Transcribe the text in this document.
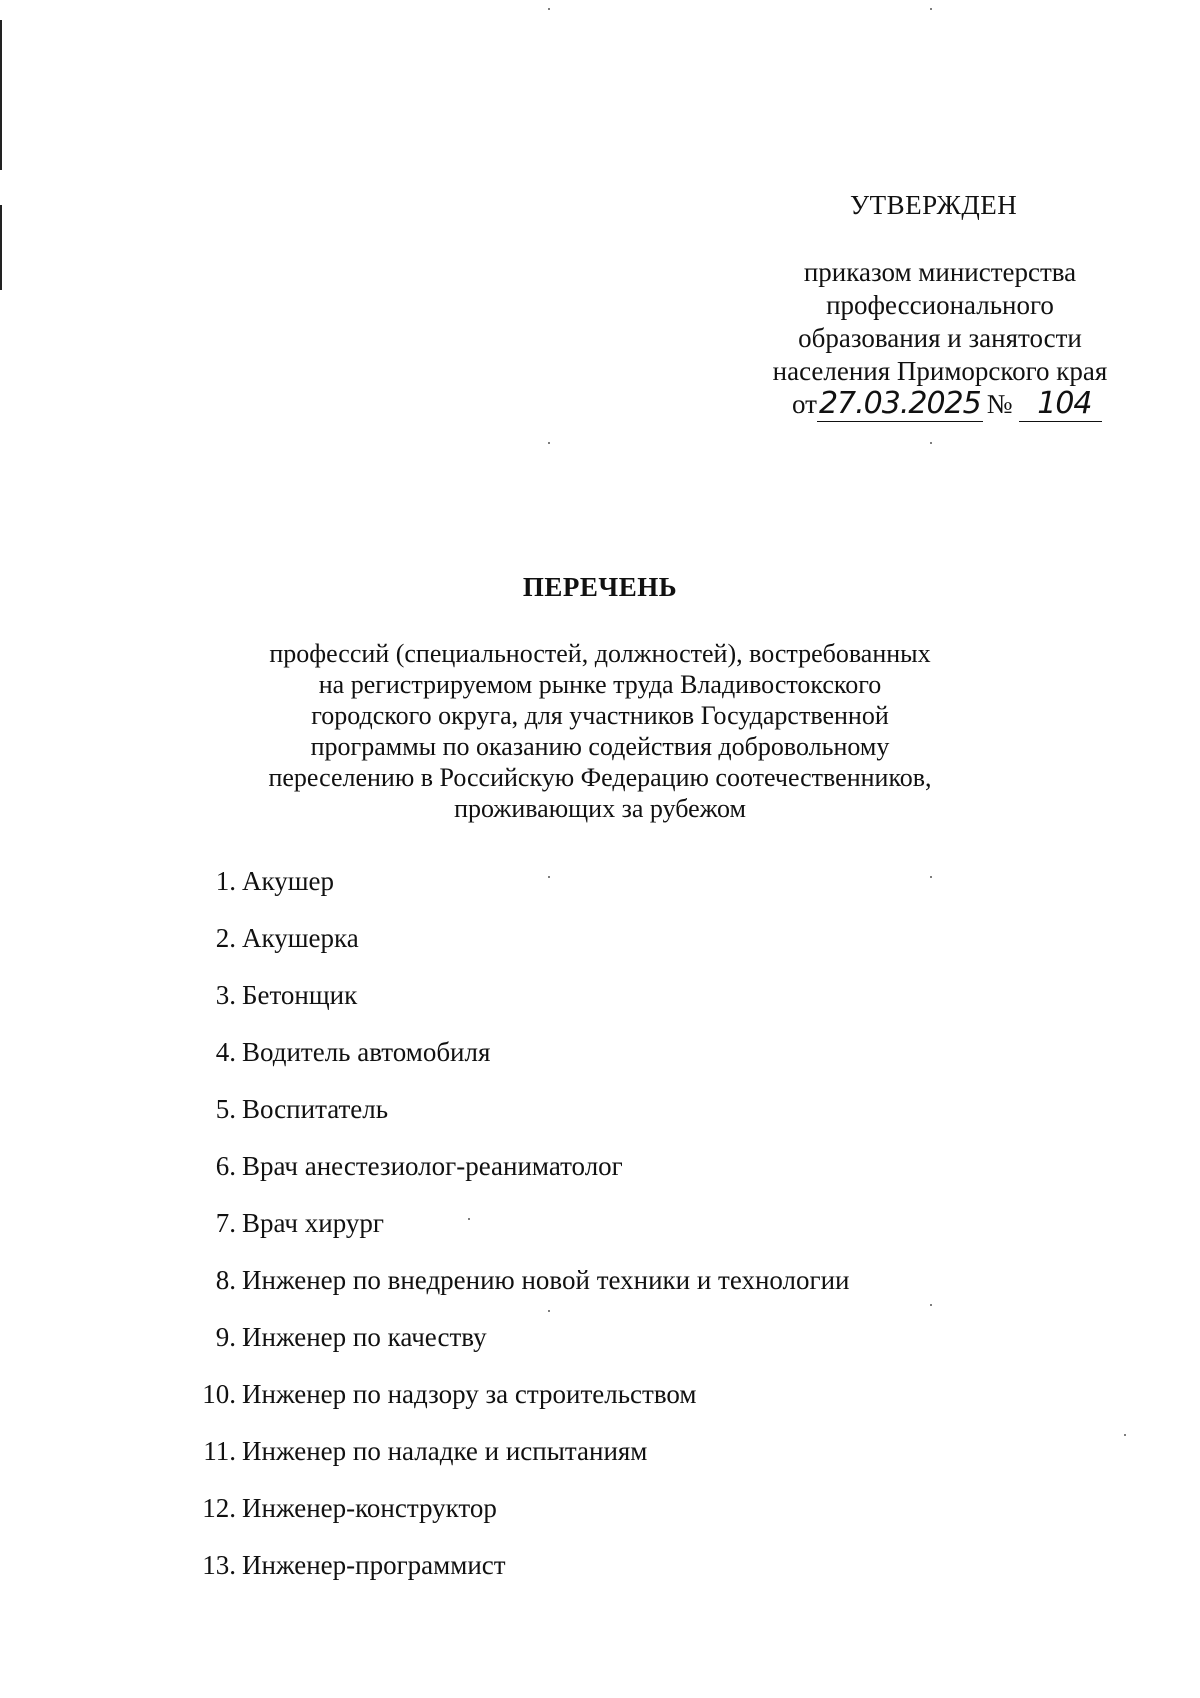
УТВЕРЖДЕН
приказом министерства
профессионального
образования и занятости
населения Приморского края
от27.03.2025 № 104
ПЕРЕЧЕНЬ
профессий (специальностей, должностей), востребованных
на регистрируемом рынке труда Владивостокского
городского округа, для участников Государственной
программы по оказанию содействия добровольному
переселению в Российскую Федерацию соотечественников,
проживающих за рубежом
1. Акушер
2. Акушерка
3. Бетонщик
4. Водитель автомобиля
5. Воспитатель
6. Врач анестезиолог-реаниматолог
7. Врач хирург
8. Инженер по внедрению новой техники и технологии
9. Инженер по качеству
10. Инженер по надзору за строительством
11. Инженер по наладке и испытаниям
12. Инженер-конструктор
13. Инженер-программист
